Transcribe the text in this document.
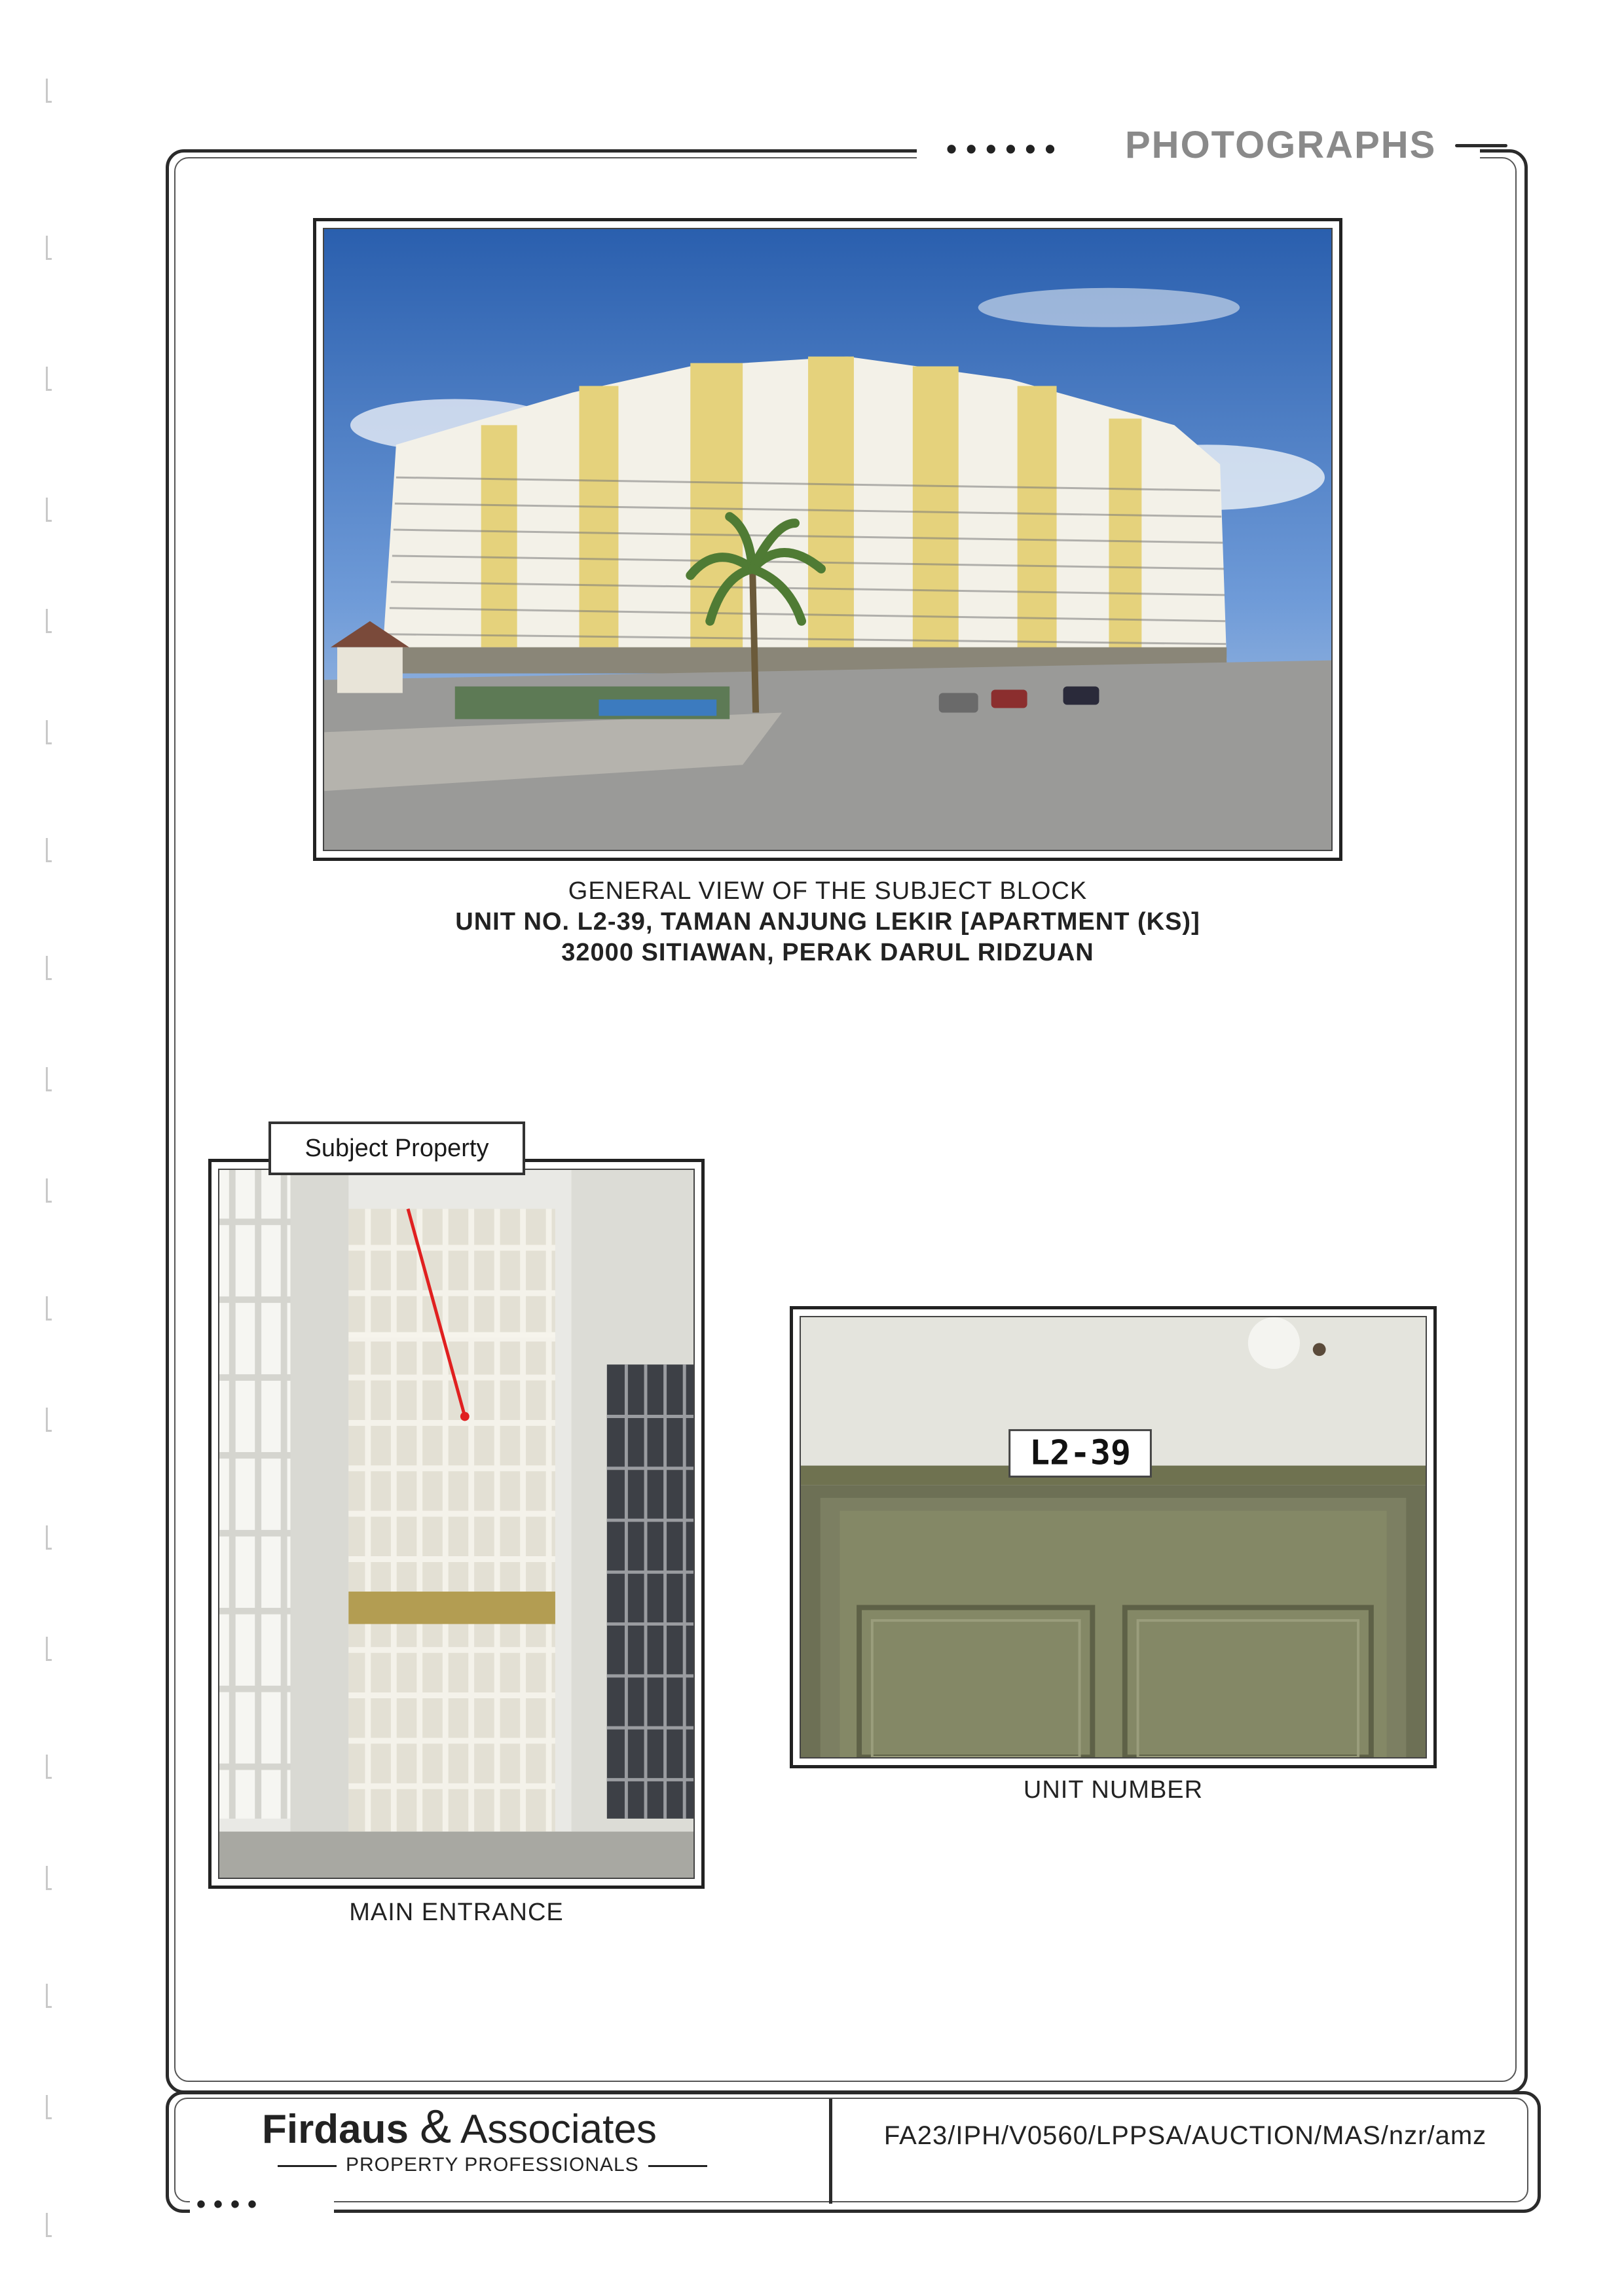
•••••• PHOTOGRAPHS
GENERAL VIEW OF THE SUBJECT BLOCK
UNIT NO. L2-39, TAMAN ANJUNG LEKIR [APARTMENT (KS)]
32000 SITIAWAN, PERAK DARUL RIDZUAN
Subject Property
MAIN ENTRANCE
L2-39
UNIT NUMBER
••••
Firdaus & Associates
PROPERTY PROFESSIONALS
FA23/IPH/V0560/LPPSA/AUCTION/MAS/nzr/amz
